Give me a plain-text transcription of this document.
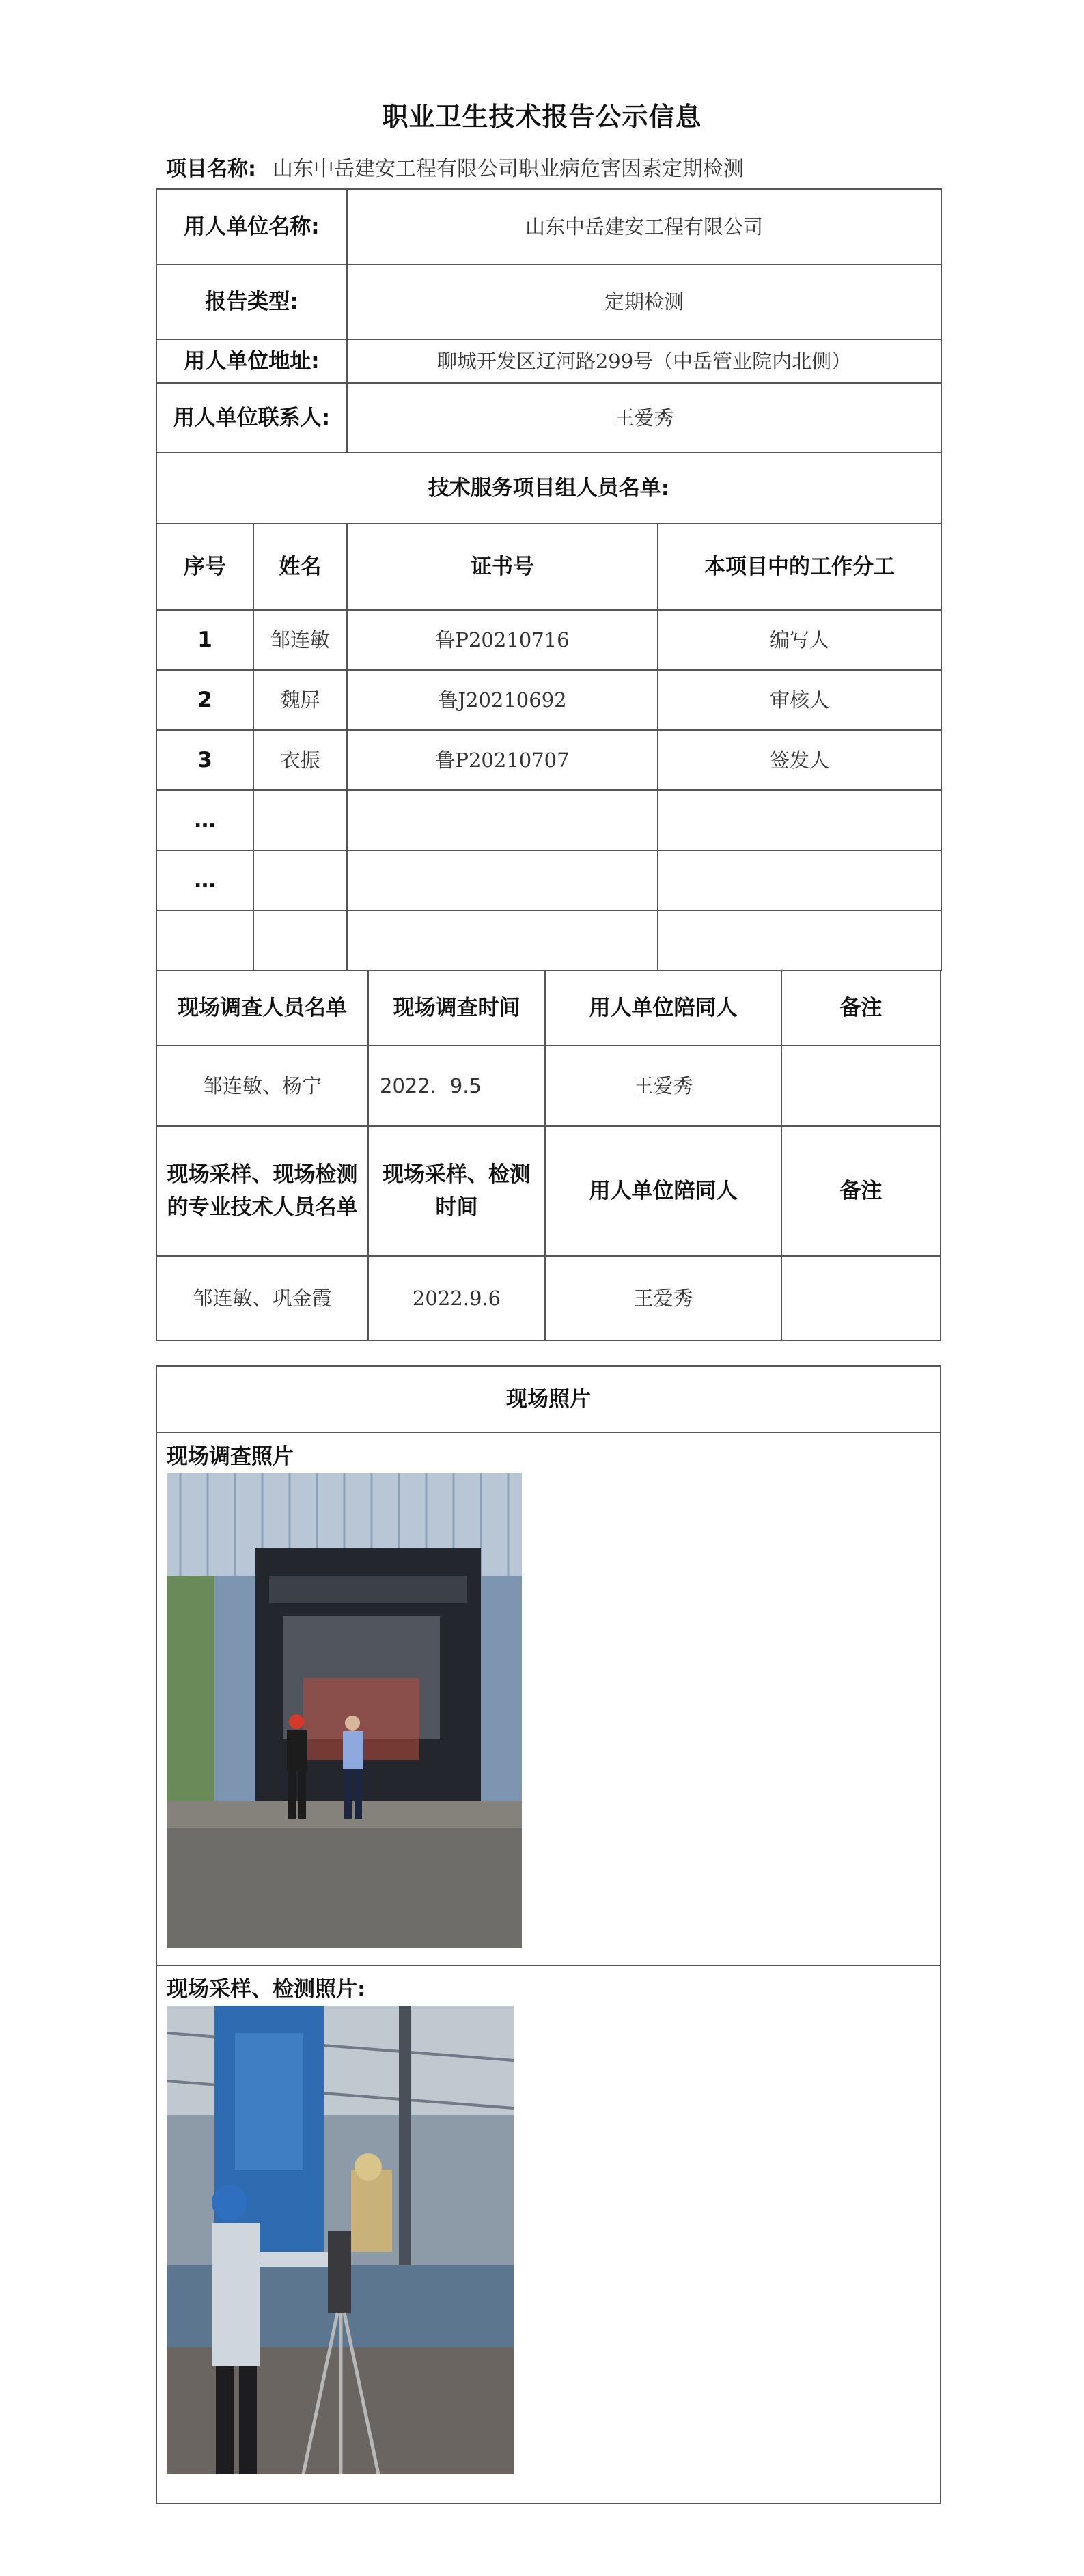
职业卫生技术报告公示信息
项目名称: 山东中岳建安工程有限公司职业病危害因素定期检测
用人单位名称:		山东中岳建安工程有限公司	
报告类型:		定期检测	
用人单位地址:		聊城开发区辽河路299号（中岳管业院内北侧）	
用人单位联系人:		王爱秀	
技术服务项目组人员名单:			
序号	姓名	证书号	本项目中的工作分工
1	邹连敏	鲁P20210716	编写人
2	魏屏	鲁J20210692	审核人
3	衣振	鲁P20210707	签发人
…			
…			

现场调查人员名单	现场调查时间	用人单位陪同人	备注
邹连敏、杨宁	2022．9.5	王爱秀	
现场采样、现场检测的专业技术人员名单	现场采样、检测时间	用人单位陪同人	备注
邹连敏、巩金霞	2022.9.6	王爱秀	
现场照片

现场调查照片

现场采样、检测照片:
